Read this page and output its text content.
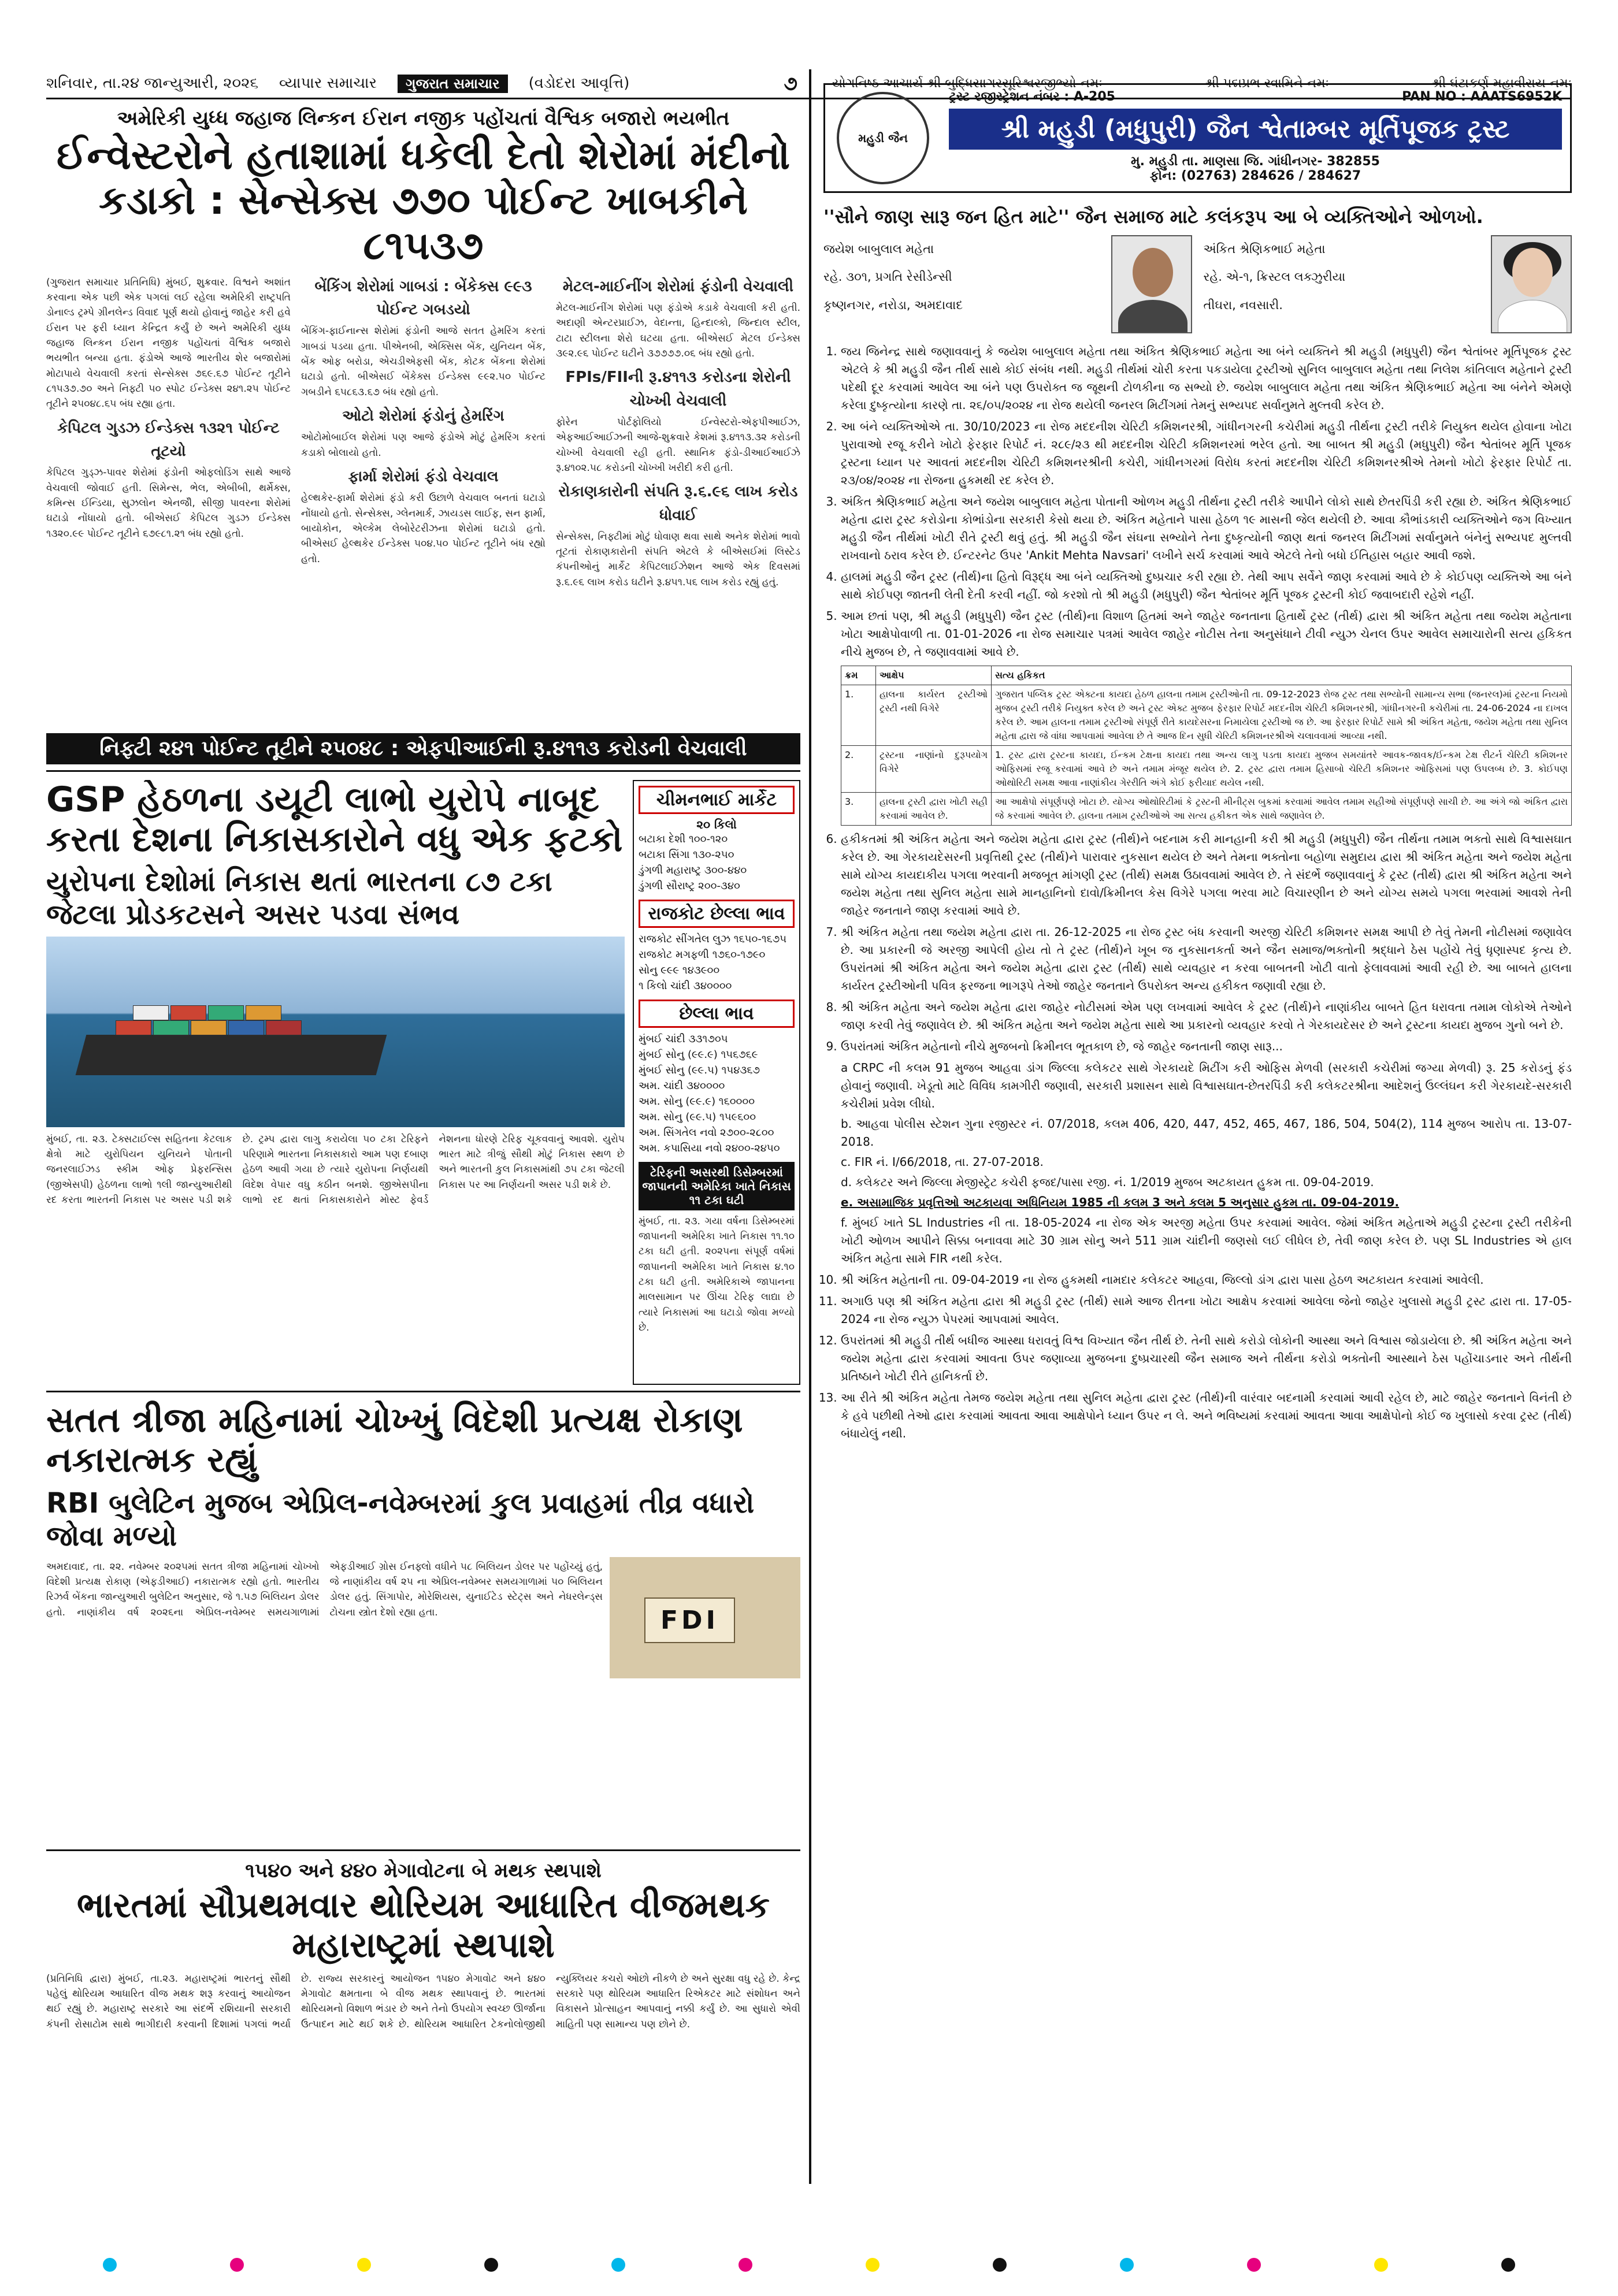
શનિવાર, તા.૨૪ જાન્યુઆરી, ૨૦૨૬ વ્યાપાર સમાચાર	ગુજરાત સમાચાર	(વડોદરા આવૃત્તિ)	૭	યોગનિષ્ઠ આચાર્ય શ્રી બુદ્ધિસાગરસૂરિશ્વરજીભ્યો નમઃ	શ્રી પદ્મપ્રભ સ્વામિને નમઃ	શ્રી ઘંટાકર્ણ મહાવીરાય નમઃ
અમેરિકી યુધ્ધ જહાજ લિન્કન ઈરાન નજીક પહોંચતાં વૈશ્વિક બજારો ભયભીત
ઈન્વેસ્ટરોને હતાશામાં ધકેલી દેતો શેરોમાં મંદીનો કડાકો : સેન્સેક્સ ૭૭૦ પોઈન્ટ ખાબકીને ૮૧૫૩૭

(ગુજરાત સમાચાર પ્રતિનિધિ) મુંબઈ, શુક્રવાર. વિશ્વને અશાંત કરવાના એક પછી એક પગલાં લઈ રહેલા અમેરિકી રાષ્ટ્રપતિ ડોનાલ્ડ ટ્રમ્પે ગ્રીનલેન્ડ વિવાદ પૂર્ણ થયો હોવાનું જાહેર કરી હવે ઈરાન પર ફરી ધ્યાન કેન્દ્રિત કર્યું છે અને અમેરિકી યુધ્ધ જહાજ લિન્કન ઈરાન નજીક પહોંચતાં વૈશ્વિક બજારો ભયભીત બન્યા હતા. ફંડોએ આજે ભારતીય શેર બજારોમાં મોટાપાયે વેચવાલી કરતાં સેન્સેક્સ ૭૬૯.૬૭ પોઈન્ટ તૂટીને ૮૧૫૩૭.૭૦ અને નિફ્ટી ૫૦ સ્પોટ ઈન્ડેક્સ ૨૪૧.૨૫ પોઈન્ટ તૂટીને ૨૫૦૪૮.૬૫ બંધ રહ્યા હતા.

કેપિટલ ગુડઝ ઈન્ડેક્સ ૧૩૨૧ પોઈન્ટ તૂટયો

કેપિટલ ગુડ્ઝ-પાવર શેરોમાં ફંડોની ઓફલોડિંગ સાથે આજે વેચવાલી જોવાઈ હતી. સિમેન્સ, ભેલ, એબીબી, થર્મેક્સ, કમિન્સ ઈન્ડિયા, સુઝલોન એનજીૅ, સીજી પાવરના શેરોમાં ઘટાડો નોંધાયો હતો. બીએસઈ કેપિટલ ગુડઝ ઈન્ડેક્સ ૧૩૨૦.૯૯ પોઈન્ટ તૂટીને ૬૭૯૮૧.૨૧ બંધ રહ્યો હતો.

બેંકિંગ શેરોમાં ગાબડાં : બેંકેક્સ ૯૯૩ પોઈન્ટ ગબડયો

બેંકિંગ-ફાઈનાન્સ શેરોમાં ફંડોની આજે સતત હેમરિંગ કરતાં ગાબડાં પડયા હતા. પીએનબી, એક્સિસ બેંક, યુનિયન બેંક, બેંક ઓફ બરોડા, એચડીએફસી બેંક, કોટક બેંકના શેરોમાં ઘટાડો હતો. બીએસઈ બેંકેક્સ ઈન્ડેક્સ ૯૯૨.૫૦ પોઈન્ટ ગબડીને ૬૫૮૬૩.૬૭ બંધ રહ્યો હતો.

ઓટો શેરોમાં ફંડોનું હેમરિંગ

ઓટોમોબાઈલ શેરોમાં પણ આજે ફંડોએ મોટું હેમરિંગ કરતાં કડાકો બોલાયો હતો.

ફાર્મા શેરોમાં ફંડો વેચવાલ

હેલ્થકેર-ફાર્મા શેરોમાં ફંડો કરી ઉછાળે વેચવાલ બનતાં ઘટાડો નોંધાયો હતો. સેન્સેક્સ, ગ્લેનમાર્ક, ઝાયડસ લાઈફ, સન ફાર્મા, બાયોકોન, એલ્કેમ લેબોરેટરીઝના શેરોમાં ઘટાડો હતો. બીએસઈ હેલ્થકેર ઈન્ડેક્સ ૫૦૪.૫૦ પોઈન્ટ તૂટીને બંધ રહ્યો હતો.

મેટલ-માઈનીંગ શેરોમાં ફંડોની વેચવાલી

મેટલ-માઈનીંગ શેરોમાં પણ ફંડોએ કડાકે વેચવાલી કરી હતી. અદાણી એન્ટરપ્રાઈઝ, વેદાન્તા, હિન્દાલ્કો, જિન્દાલ સ્ટીલ, ટાટા સ્ટીલના શેરો ઘટયા હતા. બીએસઈ મેટલ ઈન્ડેક્સ ૩૯૨.૯૬ પોઈન્ટ ઘટીને ૩૭૭૭૭.૦૬ બંધ રહ્યો હતો.

FPIs/FIIની રૂ.૪૧૧૩ કરોડના શેરોની ચોખ્ખી વેચવાલી

ફોરેન પોર્ટફોલિયો ઈન્વેસ્ટરો-એફપીઆઈઝ, એફઆઈઆઈઝની આજે-શુક્રવારે કેશમાં રૂ.૪૧૧૩.૩૨ કરોડની ચોખ્ખી વેચવાલી રહી હતી. સ્થાનિક ફંડો-ડીઆઈઆઈઝે રૂ.૪૧૦૨.૫૮ કરોડની ચોખ્ખી ખરીદી કરી હતી.

રોકાણકારોની સંપતિ રૂ.૬.૯૬ લાખ કરોડ ધોવાઈ

સેન્સેક્સ, નિફ્ટીમાં મોટું ધોવાણ થવા સાથે અનેક શેરોમાં ભાવો તૂટતાં રોકાણકારોની સંપતિ એટલે કે બીએસઈમાં લિસ્ટેડ કંપનીઓનું માર્કેટ કેપિટલાઈઝેશન આજે એક દિવસમાં રૂ.૬.૯૬ લાખ કરોડ ઘટીને રૂ.૪૫૧.૫૬ લાખ કરોડ રહ્યું હતું.

નિફ્ટી ૨૪૧ પોઈન્ટ તૂટીને ૨૫૦૪૮ : એફપીઆઈની રૂ.૪૧૧૩ કરોડની વેચવાલી
GSP હેઠળના ડયૂટી લાભો યુરોપે નાબૂદ કરતા દેશના નિકાસકારોને વધુ એક ફટકો
યુરોપના દેશોમાં નિકાસ થતાં ભારતના ૮૭ ટકા જેટલા પ્રોડકટસને અસર પડવા સંભવ
મુંબઈ, તા. ૨૩. ટેક્સટાઈલ્સ સહિતના કેટલાક ક્ષેત્રો માટે યુરોપિયન યુનિયને પોતાની જનરલાઈઝડ સ્કીમ ઓફ પ્રેફરન્સિસ (જીએસપી) હેઠળના લાભો ૧લી જાન્યુઆરીથી રદ કરતા ભારતની નિકાસ પર અસર પડી શકે છે. ટ્રમ્પ દ્વારા લાગુ કરાયેલા ૫૦ ટકા ટેરિફને પરિણામે ભારતના નિકાસકારો આમ પણ દબાણ હેઠળ આવી ગયા છે ત્યારે યુરોપના નિર્ણયથી વિદેશ વેપાર વધુ કઠીન બનશે. જીએસપીના લાભો રદ થતાં નિકાસકારોને મોસ્ટ ફેવર્ડ નેશનના ધોરણે ટેરિફ ચૂકવવાનું આવશે. યુરોપ ભારત માટે ત્રીજું સૌથી મોટું નિકાસ સ્થળ છે અને ભારતની કુલ નિકાસમાંથી ૭૫ ટકા જેટલી નિકાસ પર આ નિર્ણયની અસર પડી શકે છે.
ચીમનભાઈ માર્કેટ
૨૦ કિલો
બટાકા દેશી ૧૦૦-૧૨૦
બટાકા સિંગા ૧૩૦-૨૫૦
ડુંગળી મહારાષ્ટ્ર ૩૦૦-૪૪૦
ડુંગળી સૌરાષ્ટ્ર ૨૦૦-૩૪૦
રાજકોટ છેલ્લા ભાવ
રાજકોટ સીંગતેલ લુઝ ૧૬૫૦-૧૬૭૫
રાજકોટ મગફળી ૧૭૬૦-૧૭૯૦
સોનુ ૯૯૯ ૧૪૩૯૦૦
૧ કિલો ચાંદી ૩૪૦૦૦૦
છેલ્લા ભાવ
મુંબઈ ચાંદી ૩૩૧૭૦૫
મુંબઈ સોનુ (૯૯.૯) ૧૫૬૭૬૯
મુંબઈ સોનુ (૯૯.૫) ૧૫૪૩૬૭
અમ. ચાંદી ૩૪૦૦૦૦
અમ. સોનુ (૯૯.૯) ૧૬૦૦૦૦
અમ. સોનુ (૯૯.૫) ૧૫૯૬૦૦
અમ. સિંગતેલ નવો ૨૭૦૦-૨૮૦૦
અમ. કપાસિયા નવો ૨૪૦૦-૨૪૫૦
ટેરિફની અસરથી ડિસેમ્બરમાં જાપાનની અમેરિકા ખાતે નિકાસ ૧૧ ટકા ઘટી
મુંબઈ, તા. ૨૩. ગયા વર્ષના ડિસેમ્બરમાં જાપાનની અમેરિકા ખાતે નિકાસ ૧૧.૧૦ ટકા ઘટી હતી. ૨૦૨૫ના સંપૂર્ણ વર્ષમાં જાપાનની અમેરિકા ખાતે નિકાસ ૪.૧૦ ટકા ઘટી હતી. અમેરિકાએ જાપાનના માલસામાન પર ઊંચા ટેરિફ લાદ્યા છે ત્યારે નિકાસમાં આ ઘટાડો જોવા મળ્યો છે.
સતત ત્રીજા મહિનામાં ચોખ્ખું વિદેશી પ્રત્યક્ષ રોકાણ નકારાત્મક રહ્યું
RBI બુલેટિન મુજબ એપ્રિલ-નવેમ્બરમાં કુલ પ્રવાહમાં તીવ્ર વધારો જોવા મળ્યો
FDI
અમદાવાદ, તા. ૨૨. નવેમ્બર ૨૦૨૫માં સતત ત્રીજા મહિનામાં ચોખ્ખો વિદેશી પ્રત્યક્ષ રોકાણ (એફડીઆઈ) નકારાત્મક રહ્યો હતો. ભારતીય રિઝર્વ બેંકના જાન્યુઆરી બુલેટિન અનુસાર, જે ૧.૫૭ બિલિયન ડોલર હતો. નાણાંકીય વર્ષ ૨૦૨૬ના એપ્રિલ-નવેમ્બર સમયગાળામાં એફડીઆઈ ગ્રોસ ઈનફ્લો વધીને ૫૮ બિલિયન ડોલર પર પહોંચ્યું હતું, જે નાણાંકીય વર્ષ ૨૫ ના એપ્રિલ-નવેમ્બર સમયગાળામાં ૫૦ બિલિયન ડોલર હતું. સિંગાપોર, મોરેશિયસ, યુનાઈટેડ સ્ટેટ્સ અને નેધરલેન્ડ્સ ટોચના સ્ત્રોત દેશો રહ્યા હતા.
૧૫૪૦ અને ૪૪૦ મેગાવોટના બે મથક સ્થપાશે
ભારતમાં સૌપ્રથમવાર થોરિયમ આધારિત વીજમથક મહારાષ્ટ્રમાં સ્થપાશે
(પ્રતિનિધિ દ્વારા) મુંબઈ, તા.૨૩. મહારાષ્ટ્રમાં ભારતનું સૌથી પહેલું થોરિયમ આધારિત વીજ મથક શરૂ કરવાનું આયોજન થઈ રહ્યું છે. મહારાષ્ટ્ર સરકારે આ સંદર્ભે રશિયાની સરકારી કંપની રોસાટોમ સાથે ભાગીદારી કરવાની દિશામાં પગલાં ભર્યા છે. રાજ્ય સરકારનું આયોજન ૧૫૪૦ મેગાવોટ અને ૪૪૦ મેગાવોટ ક્ષમતાના બે વીજ મથક સ્થાપવાનું છે. ભારતમાં થોરિયમનો વિશાળ ભંડાર છે અને તેનો ઉપયોગ સ્વચ્છ ઊર્જાના ઉત્પાદન માટે થઈ શકે છે. થોરિયમ આધારિત ટેકનોલોજીથી ન્યુક્લિયર કચરો ઓછો નીકળે છે અને સુરક્ષા વધુ રહે છે. કેન્દ્ર સરકારે પણ થોરિયમ આધારિત રિએકટર માટે સંશોધન અને વિકાસને પ્રોત્સાહન આપવાનું નક્કી કર્યું છે. આ સુધારો એવી માહિતી પણ સામાન્ય પણ છોને છે.
મહુડી જૈન
ટ્રસ્ટ રજીસ્ટ્રેશન નંબર : A-205	PAN NO : AAATS6952K
શ્રી મહુડી (મધુપુરી) જૈન શ્વેતામ્બર મૂર્તિપૂજક ટ્રસ્ટ
મુ. મહુડી તા. માણસા જિ. ગાંધીનગર- 382855
ફોન: (02763) 284626 / 284627
''સૌને જાણ સારૂ જન હિત માટે'' જૈન સમાજ માટે કલંકરૂપ આ બે વ્યક્તિઓને ઓળખો.
જયેશ બાબુલાલ મહેતા
રહે. ૩૦૧, પ્રગતિ રેસીડેન્સી
કૃષ્ણનગર, નરોડા, અમદાવાદ
અંકિત શ્રેણિકભાઈ મહેતા
રહે. એ-૧, ક્રિસ્ટલ લક્ઝુરીયા
તીઘરા, નવસારી.
1. જય જિનેન્દ્ર સાથે જણાવવાનું કે જયેશ બાબુલાલ મહેતા તથા અંકિત શ્રેણિકભાઈ મહેતા આ બંને વ્યક્તિને શ્રી મહુડી (મધુપુરી) જૈન શ્વેતાંબર મૂર્તિપૂજક ટ્રસ્ટ એટલે કે શ્રી મહુડી જૈન તીર્થ સાથે કોઈ સંબંધ નથી. મહુડી તીર્થમાં ચોરી કરતા પકડાયેલા ટ્રસ્ટીઓ સુનિલ બાબુલાલ મહેતા તથા નિલેશ કાંતિલાલ મહેતાને ટ્રસ્ટી પદેથી દૂર કરવામાં આવેલ આ બંને પણ ઉપરોક્ત જ જૂથની ટોળકીના જ સભ્યો છે. જયેશ બાબુલાલ મહેતા તથા અંકિત શ્રેણિકભાઈ મહેતા આ બંનેને એમણે કરેલા દુષ્કૃત્યોના કારણે તા. ૨૬/૦૫/૨૦૨૪ ના રોજ થયેલી જનરલ મિટીંગમાં તેમનું સભ્યપદ સર્વાનુમતે મુલ્તવી કરેલ છે.
2. આ બંને વ્યક્તિઓએ તા. 30/10/2023 ના રોજ મદદનીશ ચેરિટી કમિશનરશ્રી, ગાંધીનગરની કચેરીમાં મહુડી તીર્થના ટ્રસ્ટી તરીકે નિયુક્ત થયેલ હોવાના ખોટા પુરાવાઓ રજૂ કરીને ખોટો ફેરફાર રિપોર્ટ નં. ૨૮૯/૨૩ થી મદદનીશ ચેરિટી કમિશનરમાં ભરેલ હતો. આ બાબત શ્રી મહુડી (મધુપુરી) જૈન શ્વેતાંબર મૂર્તિ પૂજક ટ્રસ્ટના ધ્યાન પર આવતાં મદદનીશ ચેરિટી કમિશનરશ્રીની કચેરી, ગાંધીનગરમાં વિરોધ કરતાં મદદનીશ ચેરિટી કમિશનરશ્રીએ તેમનો ખોટો ફેરફાર રિપોર્ટ તા. ૨૩/૦૪/૨૦૨૪ ના રોજના હુકમથી રદ કરેલ છે.
3. અંકિત શ્રેણિકભાઈ મહેતા અને જયેશ બાબુલાલ મહેતા પોતાની ઓળખ મહુડી તીર્થના ટ્રસ્ટી તરીકે આપીને લોકો સાથે છેતરપિંડી કરી રહ્યા છે. અંકિત શ્રેણિકભાઈ મહેતા દ્વારા ટ્રસ્ટ કરોડોના કોભાંડોના સરકારી કેસો થયા છે. અંકિત મહેતાને પાસા હેઠળ ૧૯ માસની જેલ થયેલી છે. આવા કૌભાંડકારી વ્યક્તિઓને જગ વિખ્યાત મહુડી જૈન તીર્થમાં ખોટી રીતે ટ્રસ્ટી થવું હતું. શ્રી મહુડી જૈન સંઘના સભ્યોને તેના દુષ્કૃત્યોની જાણ થતાં જનરલ મિટીંગમાં સર્વાનુમતે બંનેનું સભ્યપદ મુલ્તવી રાખવાનો ઠરાવ કરેલ છે. ઈન્ટરનેટ ઉપર 'Ankit Mehta Navsari' લખીને સર્ચ કરવામાં આવે એટલે તેનો બધો ઈતિહાસ બહાર આવી જશે.
4. હાલમાં મહુડી જૈન ટ્રસ્ટ (તીર્થ)ના હિતો વિરૂદ્ધ આ બંને વ્યક્તિઓ દુષ્પ્રચાર કરી રહ્યા છે. તેથી આપ સર્વેને જાણ કરવામાં આવે છે કે કોઈપણ વ્યક્તિએ આ બંને સાથે કોઈપણ જાતની લેતી દેતી કરવી નહીં. જો કરશો તો શ્રી મહુડી (મધુપુરી) જૈન શ્વેતાંબર મૂર્તિ પૂજક ટ્રસ્ટની કોઈ જવાબદારી રહેશે નહીં.
5. આમ છતાં પણ, શ્રી મહુડી (મધુપુરી) જૈન ટ્રસ્ટ (તીર્થ)ના વિશાળ હિતમાં અને જાહેર જનતાના હિતાર્થે ટ્રસ્ટ (તીર્થ) દ્વારા શ્રી અંકિત મહેતા તથા જયેશ મહેતાના ખોટા આક્ષેપોવાળી તા. 01-01-2026 ના રોજ સમાચાર પત્રમાં આવેલ જાહેર નોટીસ તેના અનુસંધાને ટીવી ન્યુઝ ચેનલ ઉપર આવેલ સમાચારોની સત્ય હકિકત નીચે મુજબ છે, તે જણાવવામાં આવે છે.
ક્રમ	આક્ષેપ	સત્ય હકિકત
1.	હાલના કાર્યરત ટ્રસ્ટીઓ ટ્રસ્ટી નથી વિગેરે	ગુજરાત પબ્લિક ટ્રસ્ટ એક્ટના કાયદા હેઠળ હાલના તમામ ટ્રસ્ટીઓની તા. 09-12-2023 રોજ ટ્રસ્ટ તથા સભ્યોની સામાન્ય સભા (જનરલ)માં ટ્રસ્ટના નિયમો મુજબ ટ્રસ્ટી તરીકે નિયુક્ત કરેલ છે અને ટ્રસ્ટ એક્ટ મુજબ ફેરફાર રિપોર્ટ મદદનીશ ચેરિટી કમિશનરશ્રી, ગાંધીનગરની કચેરીમાં તા. 24-06-2024 ના દાખલ કરેલ છે. આમ હાલના તમામ ટ્રસ્ટીઓ સંપૂર્ણ રીતે કાયદેસરના નિમાયેલા ટ્રસ્ટીઓ જ છે. આ ફેરફાર રિપોર્ટ સામે શ્રી અંકિત મહેતા, જયેશ મહેતા તથા સુનિલ મહેતા દ્વારા જે વાંધા આપવામાં આવેલા છે તે આજ દિન સુધી ચેરિટી કમિશનરશ્રીએ ચલાવવામાં આવ્યા નથી.
2.	ટ્રસ્ટના નાણાંનો દુરૂપયોગ વિગેરે	1. ટ્રસ્ટ દ્વારા ટ્રસ્ટના કાયદા, ઈન્કમ ટેક્ષના કાયદા તથા અન્ય લાગુ પડતા કાયદા મુજબ સમયાંતરે આવક-જાવક/ઈન્કમ ટેક્ષ રીટર્ન ચેરિટી કમિશનર ઓફિસમાં રજૂ કરવામાં આવે છે અને તમામ મંજૂર થયેલ છે. 2. ટ્રસ્ટ દ્વારા તમામ હિસાબો ચેરિટી કમિશનર ઓફિસમાં પણ ઉપલબ્ધ છે. 3. કોઈપણ ઓથોરિટી સમક્ષ આવા નાણાંકીય ગેરરીતિ અંગે કોઈ ફરીયાદ થયેલ નથી.
3.	હાલના ટ્રસ્ટી દ્વારા ખોટી સહી કરવામાં આવેલ છે.	આ આક્ષેપો સંપૂર્ણપણે ખોટા છે. યોગ્ય ઓથોરિટીમાં કે ટ્રસ્ટની મીનીટ્સ બુકમાં કરવામાં આવેલ તમામ સહીઓ સંપૂર્ણપણે સાચી છે. આ અંગે જો અંકિત દ્વારા જે કરવામાં આવેલ છે. હાલના તમામ ટ્રસ્ટીઓએ આ સત્ય હકીકત એક સાથે જણાવેલ છે.
6. હકીકતમાં શ્રી અંકિત મહેતા અને જયેશ મહેતા દ્વારા ટ્રસ્ટ (તીર્થ)ને બદનામ કરી માનહાની કરી શ્રી મહુડી (મધુપુરી) જૈન તીર્થના તમામ ભક્તો સાથે વિશ્વાસઘાત કરેલ છે. આ ગેરકાયદેસરની પ્રવૃત્તિથી ટ્રસ્ટ (તીર્થ)ને પારાવાર નુકસાન થયેલ છે અને તેમના ભક્તોના બહોળા સમુદાય દ્વારા શ્રી અંકિત મહેતા અને જયેશ મહેતા સામે યોગ્ય કાયદાકીય પગલા ભરવાની મજબૂત માંગણી ટ્રસ્ટ (તીર્થ) સમક્ષ ઉઠાવવામાં આવેલ છે. તે સંદર્ભે જણાવવાનું કે ટ્રસ્ટ (તીર્થ) દ્વારા શ્રી અંકિત મહેતા અને જયેશ મહેતા તથા સુનિલ મહેતા સામે માનહાનિનો દાવો/ક્રિમીનલ કેસ વિગેરે પગલા ભરવા માટે વિચારણીન છે અને યોગ્ય સમયે પગલા ભરવામાં આવશે તેની જાહેર જનતાને જાણ કરવામાં આવે છે.
7. શ્રી અંકિત મહેતા તથા જયેશ મહેતા દ્વારા તા. 26-12-2025 ના રોજ ટ્રસ્ટ બંધ કરવાની અરજી ચેરિટી કમિશનર સમક્ષ આપી છે તેવું તેમની નોટીસમાં જણાવેલ છે. આ પ્રકારની જે અરજી આપેલી હોય તો તે ટ્રસ્ટ (તીર્થ)ને ખૂબ જ નુકસાનકર્તા અને જૈન સમાજ/ભક્તોની શ્રદ્ધાને ઠેસ પહોંચે તેવું ધૃણાસ્પદ કૃત્ય છે. ઉપરાંતમાં શ્રી અંકિત મહેતા અને જયેશ મહેતા દ્વારા ટ્રસ્ટ (તીર્થ) સાથે વ્યવહાર ન કરવા બાબતની ખોટી વાતો ફેલાવવામાં આવી રહી છે. આ બાબતે હાલના કાર્યરત ટ્રસ્ટીઓની પવિત્ર ફરજના ભાગરૂપે તેઓ જાહેર જનતાને ઉપરોક્ત અન્ય હકીકત જણાવી રહ્યા છે.
8. શ્રી અંકિત મહેતા અને જયેશ મહેતા દ્વારા જાહેર નોટીસમાં એમ પણ લખવામાં આવેલ કે ટ્રસ્ટ (તીર્થ)ને નાણાંકીય બાબતે હિત ધરાવતા તમામ લોકોએ તેઓને જાણ કરવી તેવું જણાવેલ છે. શ્રી અંકિત મહેતા અને જયેશ મહેતા સાથે આ પ્રકારનો વ્યવહાર કરવો તે ગેરકાયદેસર છે અને ટ્રસ્ટના કાયદા મુજબ ગુનો બને છે.
9. ઉપરાંતમાં અંકિત મહેતાનો નીચે મુજબનો ક્રિમીનલ ભૂતકાળ છે, જે જાહેર જનતાની જાણ સારૂ...
a CRPC ની કલમ 91 મુજબ આહવા ડાંગ જિલ્લા કલેકટર સાથે ગેરકાયદે મિટીંગ કરી ઓફિસ મેળવી (સરકારી કચેરીમાં જગ્યા મેળવી) રૂ. 25 કરોડનું ફંડ હોવાનું જણાવી. ખેડૂતો માટે વિવિધ કામગીરી જણાવી, સરકારી પ્રશાસન સાથે વિશ્વાસઘાત-છેતરપિંડી કરી કલેકટરશ્રીના આદેશનું ઉલ્લંઘન કરી ગેરકાયદે-સરકારી કચેરીમાં પ્રવેશ લીધો.
b. આહવા પોલીસ સ્ટેશન ગુના રજીસ્ટર નં. 07/2018, કલમ 406, 420, 447, 452, 465, 467, 186, 504, 504(2), 114 મુજબ આરોપ તા. 13-07-2018.
c. FIR નં. I/66/2018, તા. 27-07-2018.
d. કલેકટર અને જિલ્લા મેજીસ્ટ્રેટ કચેરી ફજદ/પાસા રજી. નં. 1/2019 મુજબ અટકાયત હુકમ તા. 09-04-2019.
e. અસામાજિક પ્રવૃત્તિઓ અટકાયવા અધિનિયમ 1985 ની કલમ 3 અને કલમ 5 અનુસાર હુકમ તા. 09-04-2019.
f. મુંબઈ ખાતે SL Industries ની તા. 18-05-2024 ના રોજ એક અરજી મહેતા ઉપર કરવામાં આવેલ. જેમાં અંકિત મહેતાએ મહુડી ટ્રસ્ટના ટ્રસ્ટી તરીકેની ખોટી ઓળખ આપીને સિક્કા બનાવવા માટે 30 ગ્રામ સોનુ અને 511 ગ્રામ ચાંદીની જણસો લઈ લીધેલ છે, તેવી જાણ કરેલ છે. પણ SL Industries એ હાલ અંકિત મહેતા સામે FIR નથી કરેલ.
10. શ્રી અંકિત મહેતાની તા. 09-04-2019 ના રોજ હુકમથી નામદાર કલેકટર આહવા, જિલ્લો ડાંગ દ્વારા પાસા હેઠળ અટકાયત કરવામાં આવેલી.
11. અગાઉ પણ શ્રી અંકિત મહેતા દ્વારા શ્રી મહુડી ટ્રસ્ટ (તીર્થ) સામે આજ રીતના ખોટા આક્ષેપ કરવામાં આવેલા જેનો જાહેર ખુલાસો મહુડી ટ્રસ્ટ દ્વારા તા. 17-05-2024 ના રોજ ન્યુઝ પેપરમાં આપવામાં આવેલ.
12. ઉપરાંતમાં શ્રી મહુડી તીર્થ બધીજ આસ્થા ધરાવતું વિશ્વ વિખ્યાત જૈન તીર્થ છે. તેની સાથે કરોડો લોકોની આસ્થા અને વિશ્વાસ જોડાયેલા છે. શ્રી અંકિત મહેતા અને જયેશ મહેતા દ્વારા કરવામાં આવતા ઉપર જણાવ્યા મુજબના દુષ્પ્રચારથી જૈન સમાજ અને તીર્થના કરોડો ભક્તોની આસ્થાને ઠેસ પહોંચાડનાર અને તીર્થની પ્રતિષ્ઠાને ખોટી રીતે હાનિકર્તા છે.
13. આ રીતે શ્રી અંકિત મહેતા તેમજ જયેશ મહેતા તથા સુનિલ મહેતા દ્વારા ટ્રસ્ટ (તીર્થ)ની વારંવાર બદનામી કરવામાં આવી રહેલ છે, માટે જાહેર જનતાને વિનંતી છે કે હવે પછીથી તેઓ દ્વારા કરવામાં આવતા આવા આક્ષેપોને ધ્યાન ઉપર ન લે. અને ભવિષ્યમાં કરવામાં આવતા આવા આક્ષેપોનો કોઈ જ ખુલાસો કરવા ટ્રસ્ટ (તીર્થ) બંધાયેલું નથી.
